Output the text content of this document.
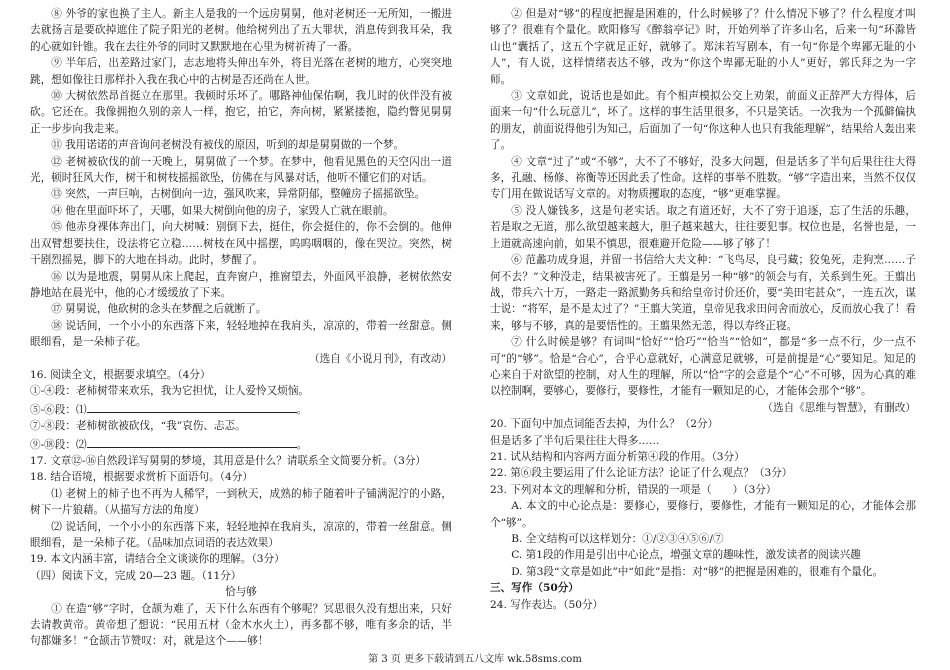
⑧ 外爷的家也换了主人。新主人是我的一个远房舅舅，他对老树还一无所知，一搬进去就扬言是要砍掉遮住了院子阳光的老树。他给树列出了五大罪状，消息传到我耳朵，我的心就如针锥。我在去往外爷的同时又默默地在心里为树祈祷了一番。

⑨ 半年后，出差路过家门，志志地将头伸出车外，将目光落在老树的地方，心突突地跳，想如像往日那样扑入我在我心中的古树是否还尚在人世。

⑩ 大树依然昂首挺立在那里。我顿时乐坏了。哪路神仙保佑啊，我儿时的伙伴没有被砍。它还在。我像拥抱久别的亲人一样，抱它，拍它，奔向树，紧紧搂抱，隐约瞥见舅舅正一步步向我走来。

⑪ 我用诺诺的声音询问老树没有被伐的原因，听到的却是舅舅做的一个梦。

⑫ 老树被砍伐的前一天晚上，舅舅做了一个梦。在梦中，他看见黑色的天空闪出一道光，顿时狂风大作，树干和树枝摇摇欲坠，仿佛在与风暴对话，他听不懂它们的对话。

⑬ 突然，一声巨响，古树倒向一边，强风吹来，异常阴郁，整幢房子摇摇欲坠。

⑭ 他在里面吓坏了，天哪，如果大树倒向他的房子，家毁人亡就在眼前。

⑮ 他赤身裸体奔出门，向大树喊：别倒下去，挺住，你会挺住的，你不会倒的。他伸出双臂想要扶住，设法将它立稳……树枝在风中摇摆，呜呜咽咽的，像在哭泣。突然，树干剧烈摇晃，脚下的大地在抖动。此时，梦醒了。

⑯ 以为是地震，舅舅从床上爬起，直奔窗户，推窗望去，外面风平浪静，老树依然安静地站在晨光中，他的心才缓缓放了下来。

⑰ 舅舅说，他砍树的念头在梦醒之后就断了。

⑱ 说话间，一个小小的东西落下来，轻轻地掉在我肩头，凉凉的，带着一丝甜意。侧眼细看，是一朵柿子花。

（选自《小说月刊》，有改动）

16. 阅读全文，根据要求填空。（4分）

①-④段：老柿树带来欢乐，我为它担忧，让人爱怜又烦恼。

⑤-⑥段：⑴	。

⑦-⑧段：老柿树欲被砍伐，“我”哀伤、忐忑。

⑨-⑱段：⑵	。

17. 文章⑫-⑯自然段详写舅舅的梦境，其用意是什么？请联系全文简要分析。（3分）

18. 结合语境，根据要求赏析下面语句。（4分）

⑴ 老树上的柿子也不再为人稀罕，一到秋天，成熟的柿子随着叶子铺满泥泞的小路，树下一片狼藉。（从描写方法的角度）

⑵ 说话间，一个小小的东西落下来，轻轻地掉在我肩头，凉凉的，带着一丝甜意。侧眼细看，是一朵柿子花。（品味加点词语的表达效果）

19. 本文内涵丰富，请结合全文谈谈你的理解。（3分）

（四）阅读下文，完成 20—23 题。（11分）

恰与够

① 在造“够”字时，仓颉为难了，天下什么东西有个够呢？冥思很久没有想出来，只好去请教黄帝。黄帝想了想说：“民用五材（金木水火土），再多都不够，唯有多余的话，半句都嫌多！”仓颉击节赞叹：对，就是这个——够！

② 但是对“够”的程度把握是困难的，什么时候够了？什么情况下够了？什么程度才叫够了？很难有个量化。欧阳修写《醉翁亭记》时，开始列举了许多山名，后来一句“环滁皆山也”囊括了，这五个字就足正好，就够了。郑沫若写剧本，有一句“你是个卑鄙无耻的小人”，有人说，这样情绪表达不够，改为“你这个卑鄙无耻的小人”更好，郭氏拜之为一字师。

③ 文章如此，说话也是如此。有个相声模拟公交上劝架，前面义正辞严大方得体，后面来一句“什么玩意儿”，坏了。这样的事生活里很多，不只是笑话。一次我为一个孤僻偏执的朋友，前面说得他引为知己，后面加了一句“你这种人也只有我能理解”，结果给人轰出来了。

④ 文章“过了”或“不够”，大不了不够好，没多大问题，但是话多了半句后果往往大得多，孔融、杨修、祢衡等还因此丢了性命。这样的事举不胜数。“够”字造出来，当然不仅仅专门用在做说话写文章的。对物质攫取的态度，“够”更难掌握。

⑤ 没人嫌钱多，这是句老实话。取之有道还好，大不了穷于追逐，忘了生活的乐趣，若是取之无道，那么欲望越来越大，胆子越来越大，往往要犯事。权位也是，名誉也是，一上道就高速向前，如果不慎思，很难避开危险——够了够了！

⑥ 范蠡功成身退，并留一书信给大夫文种：“飞鸟尽，良弓藏；狡兔死，走狗烹……子何不去？”文种没走，结果被害死了。王翦是另一种“够”的领会与有，关系到生死。王翦出战，带兵六十万，一路走一路派勤务兵和给皇帝讨价还价，要“美田宅甚众”，一连五次，谋士说：“将军，是不是太过了？”王翦大笑道，皇帝见我求田问舍而放心，反而放心我了！看来，够与不够，真的是要悟性的。王翦果然无恙，得以寿终正寝。

⑦ 什么时候是够？有词叫“恰好”“恰巧”“恰当”“恰如”，都是“多一点不行，少一点不可”的“够”。恰是“合心”，合乎心意就好，心满意足就够，可是前提是“心”要知足。知足的心来自于对欲望的控制，对人生的理解，所以“恰”字的会意是个“心”不可够，因为心真的难以控制啊，要够心，要修行，要修性，才能有一颗知足的心，才能体会那个“够”。

（选自《思维与智慧》，有删改）

20. 下面句中加点词能否去掉，为什么？（2分）

但是话多了半句后果往往大得多……

21. 试从结构和内容两方面分析第④段的作用。（3分）

22. 第⑥段主要运用了什么论证方法？论证了什么观点？（3分）

23. 下列对本文的理解和分析，错误的一项是（　　）（3分）

A. 本文的中心论点是：要修心，要修行，要修性，才能有一颗知足的心，才能体会那个“够”。

B. 全文结构可以这样划分：①/②③④⑤⑥/⑦

C. 第1段的作用是引出中心论点，增强文章的趣味性，激发读者的阅读兴趣

D. 第3段“文章是如此”中“如此”是指：对“够”的把握是困难的，很难有个量化。

三、写作（50分）

24. 写作表达。（50分）

第 3 页 更多下载请到五八文库 wk.58sms.com
